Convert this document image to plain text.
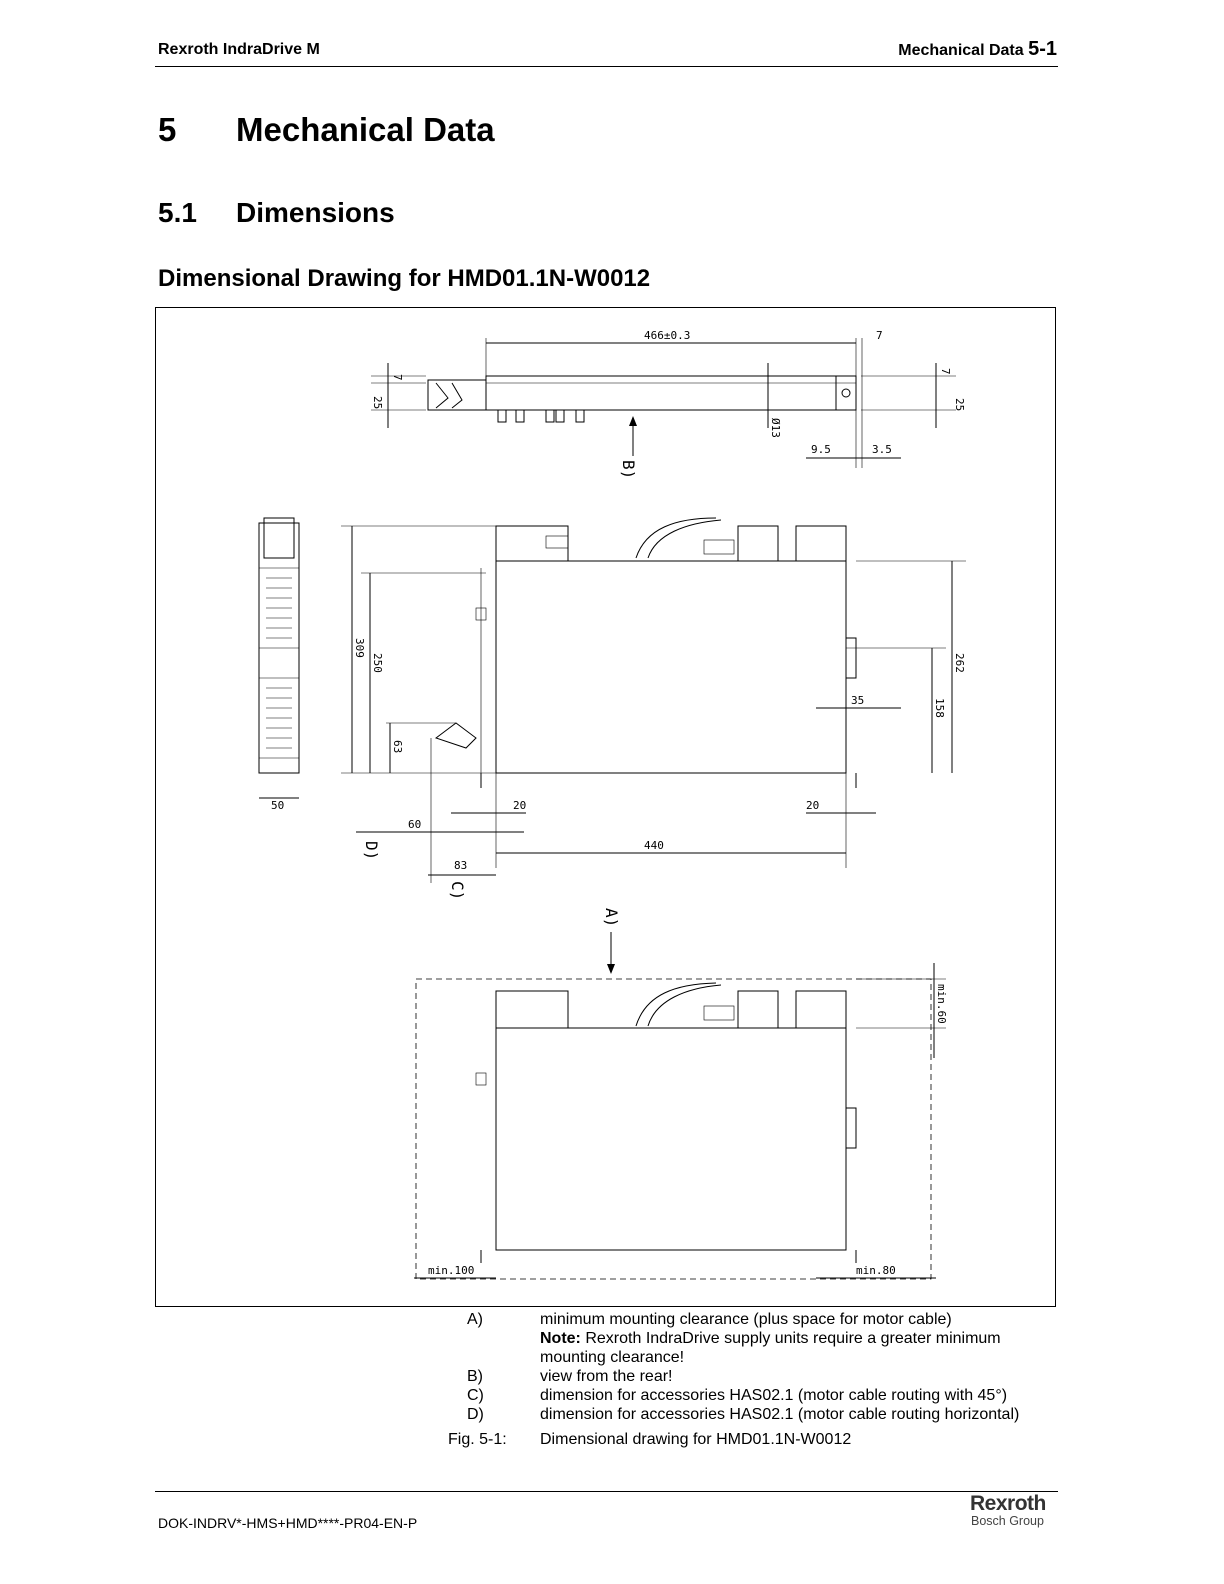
Rexroth IndraDrive M	Mechanical Data 5-1
5 Mechanical Data
5.1 Dimensions
Dimensional Drawing for HMD01.1N-W0012
466±0.3	7
7
25
7
25
Ø13
9.5	3.5
B)
50
309
250
63
262
158
35
20	20
60
440
83
D)
C)
A)
min.60
min.100	min.80
A)	minimum mounting clearance (plus space for motor cable)
Note: Rexroth IndraDrive supply units require a greater minimum mounting clearance!
B)	view from the rear!
C)	dimension for accessories HAS02.1 (motor cable routing with 45°)
D)	dimension for accessories HAS02.1 (motor cable routing horizontal)
Fig. 5-1: Dimensional drawing for HMD01.1N-W0012
DOK-INDRV*-HMS+HMD****-PR04-EN-P
Rexroth
Bosch Group
